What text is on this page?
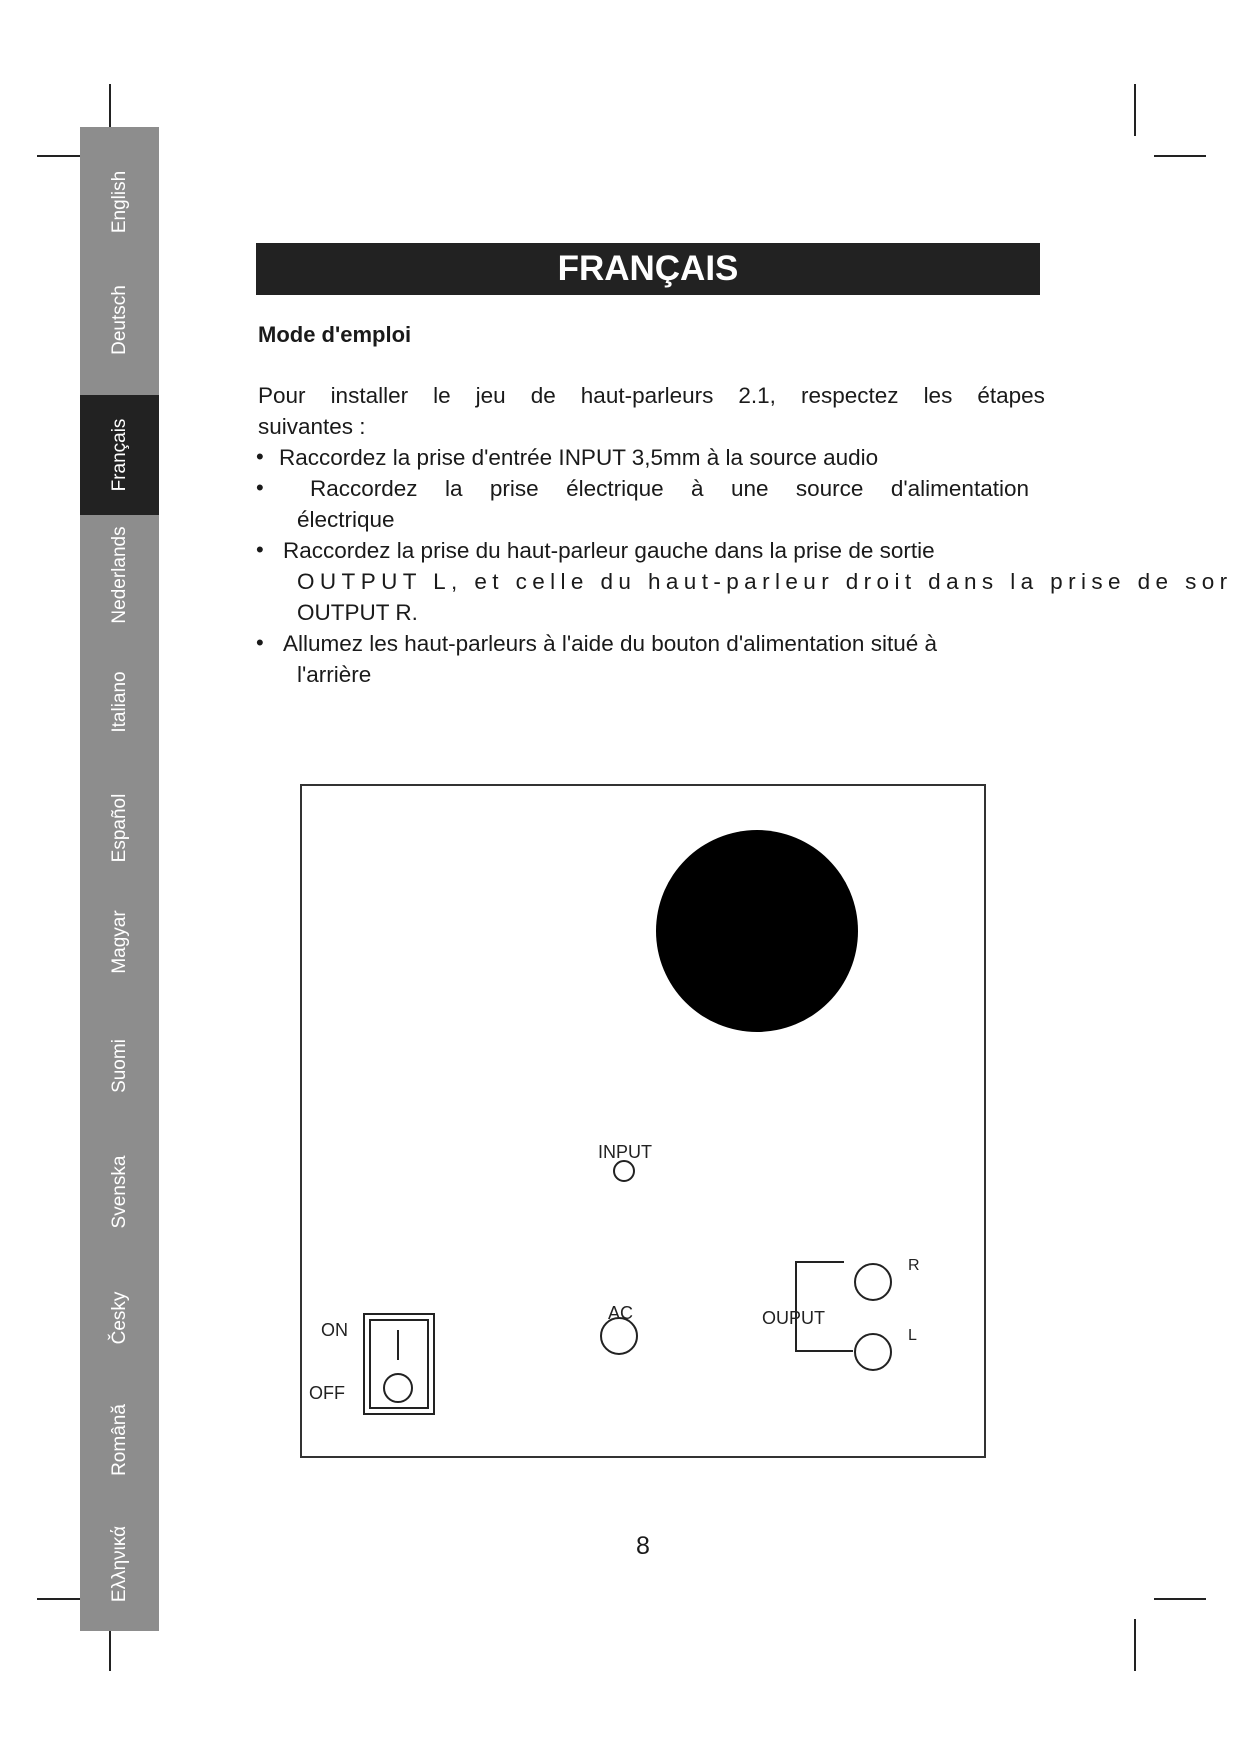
English
Deutsch
Français
Nederlands
Italiano
Español
Magyar
Suomi
Svenska
Česky
Română
Ελληνικά
FRANÇAIS
Mode d'emploi
Pour installer le jeu de haut-parleurs 2.1, respectez les étapes
suivantes :
• Raccordez la prise d'entrée INPUT 3,5mm à la source audio
• Raccordez la prise électrique à une source d'alimentation
électrique
• Raccordez la prise du haut-parleur gauche dans la prise de sortie
OUTPUT L, et celle du haut-parleur droit dans la prise de sor
OUTPUT R.
• Allumez les haut-parleurs à l'aide du bouton d'alimentation situé à
l'arrière
INPUT
AC	OUPUT
R
L
ON
OFF
8
